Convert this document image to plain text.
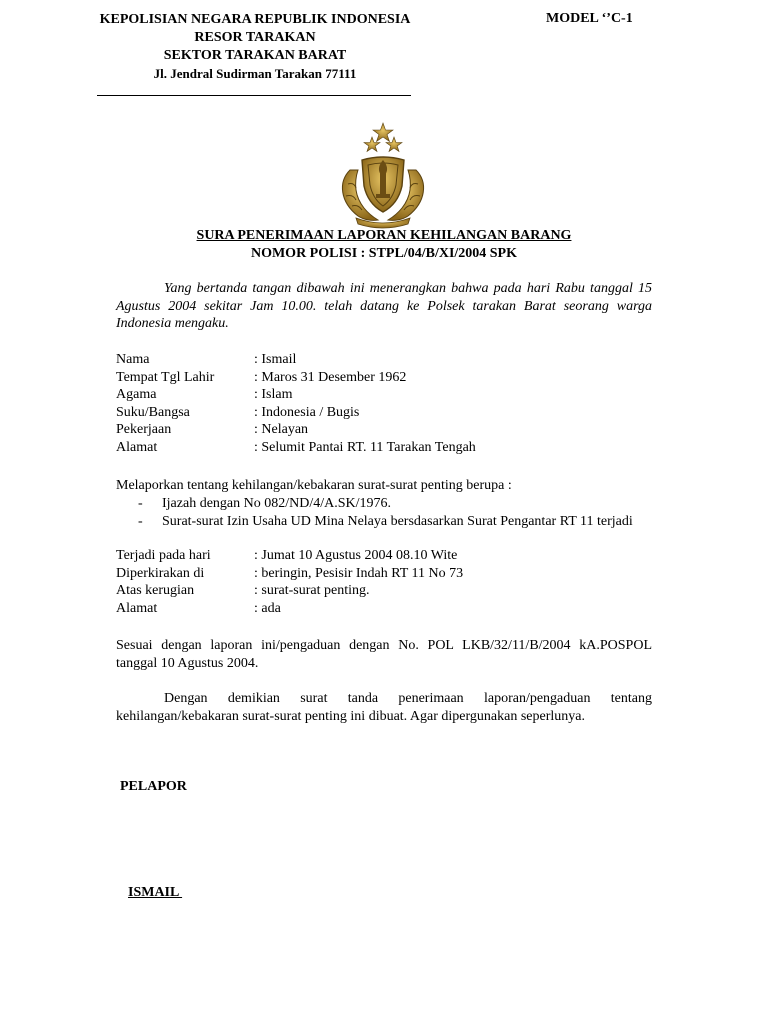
KEPOLISIAN NEGARA REPUBLIK INDONESIA
RESOR TARAKAN
SEKTOR TARAKAN BARAT
Jl. Jendral Sudirman Tarakan 77111
MODEL ‘’C-1
SURA PENERIMAAN LAPORAN KEHILANGAN BARANG
NOMOR POLISI : STPL/04/B/XI/2004 SPK
Yang bertanda tangan dibawah ini menerangkan bahwa pada hari Rabu tanggal 15 Agustus 2004 sekitar Jam 10.00. telah datang ke Polsek tarakan Barat seorang warga Indonesia mengaku.
Nama	: Ismail
Tempat Tgl Lahir	: Maros 31 Desember 1962
Agama	: Islam
Suku/Bangsa	: Indonesia / Bugis
Pekerjaan	: Nelayan
Alamat	: Selumit Pantai RT. 11 Tarakan Tengah
Melaporkan tentang kehilangan/kebakaran surat-surat penting berupa :
-	Ijazah dengan No 082/ND/4/A.SK/1976.
-	Surat-surat Izin Usaha UD Mina Nelaya bersdasarkan Surat Pengantar RT 11 terjadi
Terjadi pada hari	: Jumat 10 Agustus 2004 08.10 Wite
Diperkirakan di	: beringin, Pesisir Indah RT 11 No 73
Atas kerugian	: surat-surat penting.
Alamat	: ada
Sesuai dengan laporan ini/pengaduan dengan No. POL LKB/32/11/B/2004 kA.POSPOL tanggal 10 Agustus 2004.
Dengan demikian surat tanda penerimaan laporan/pengaduan tentang kehilangan/kebakaran surat-surat penting ini dibuat. Agar dipergunakan seperlunya.
PELAPOR
ISMAIL
